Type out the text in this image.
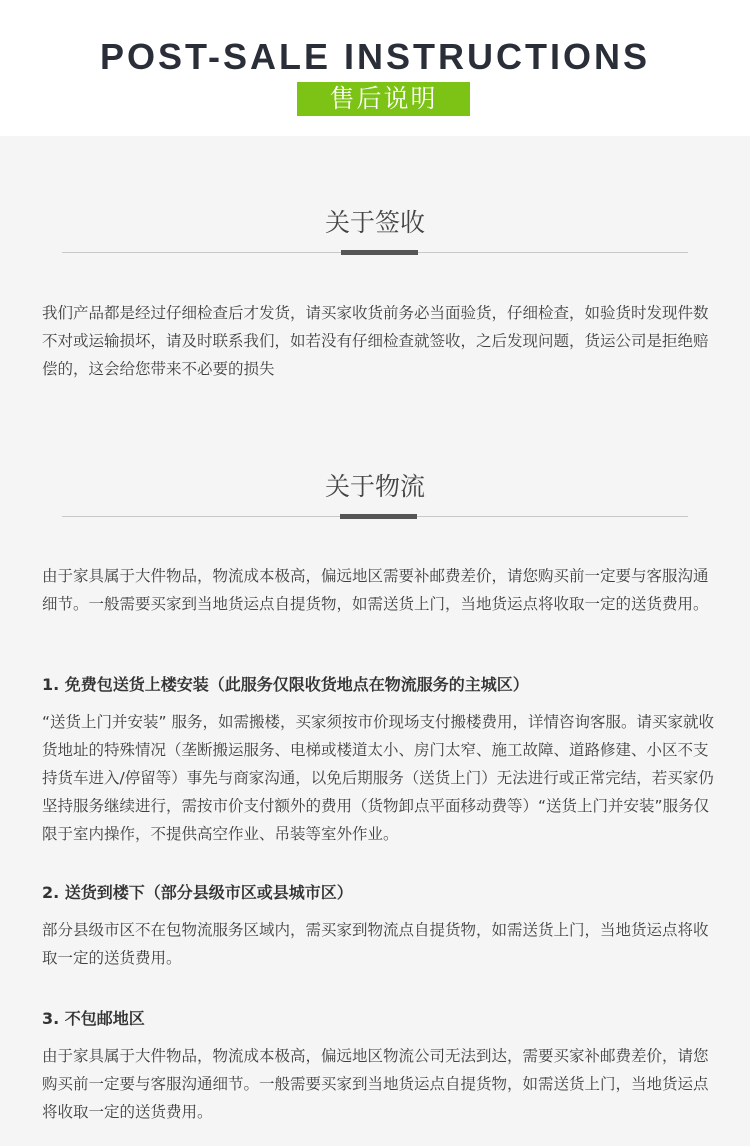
POST-SALE INSTRUCTIONS
售后说明
关于签收
我们产品都是经过仔细检查后才发货，请买家收货前务必当面验货，仔细检查，如验货时发现件数不对或运输损坏，请及时联系我们，如若没有仔细检查就签收，之后发现问题，货运公司是拒绝赔偿的，这会给您带来不必要的损失
关于物流
由于家具属于大件物品，物流成本极高，偏远地区需要补邮费差价，请您购买前一定要与客服沟通细节。一般需要买家到当地货运点自提货物，如需送货上门，当地货运点将收取一定的送货费用。
1. 免费包送货上楼安装（此服务仅限收货地点在物流服务的主城区）
“送货上门并安装” 服务，如需搬楼，买家须按市价现场支付搬楼费用，详情咨询客服。请买家就收货地址的特殊情况（垄断搬运服务、电梯或楼道太小、房门太窄、施工故障、道路修建、小区不支持货车进入/停留等）事先与商家沟通，以免后期服务（送货上门）无法进行或正常完结，若买家仍坚持服务继续进行，需按市价支付额外的费用（货物卸点平面移动费等）“送货上门并安装”服务仅限于室内操作，不提供高空作业、吊装等室外作业。
2. 送货到楼下（部分县级市区或县城市区）
部分县级市区不在包物流服务区域内，需买家到物流点自提货物，如需送货上门，当地货运点将收取一定的送货费用。
3. 不包邮地区
由于家具属于大件物品，物流成本极高，偏远地区物流公司无法到达，需要买家补邮费差价，请您购买前一定要与客服沟通细节。一般需要买家到当地货运点自提货物，如需送货上门，当地货运点将收取一定的送货费用。
